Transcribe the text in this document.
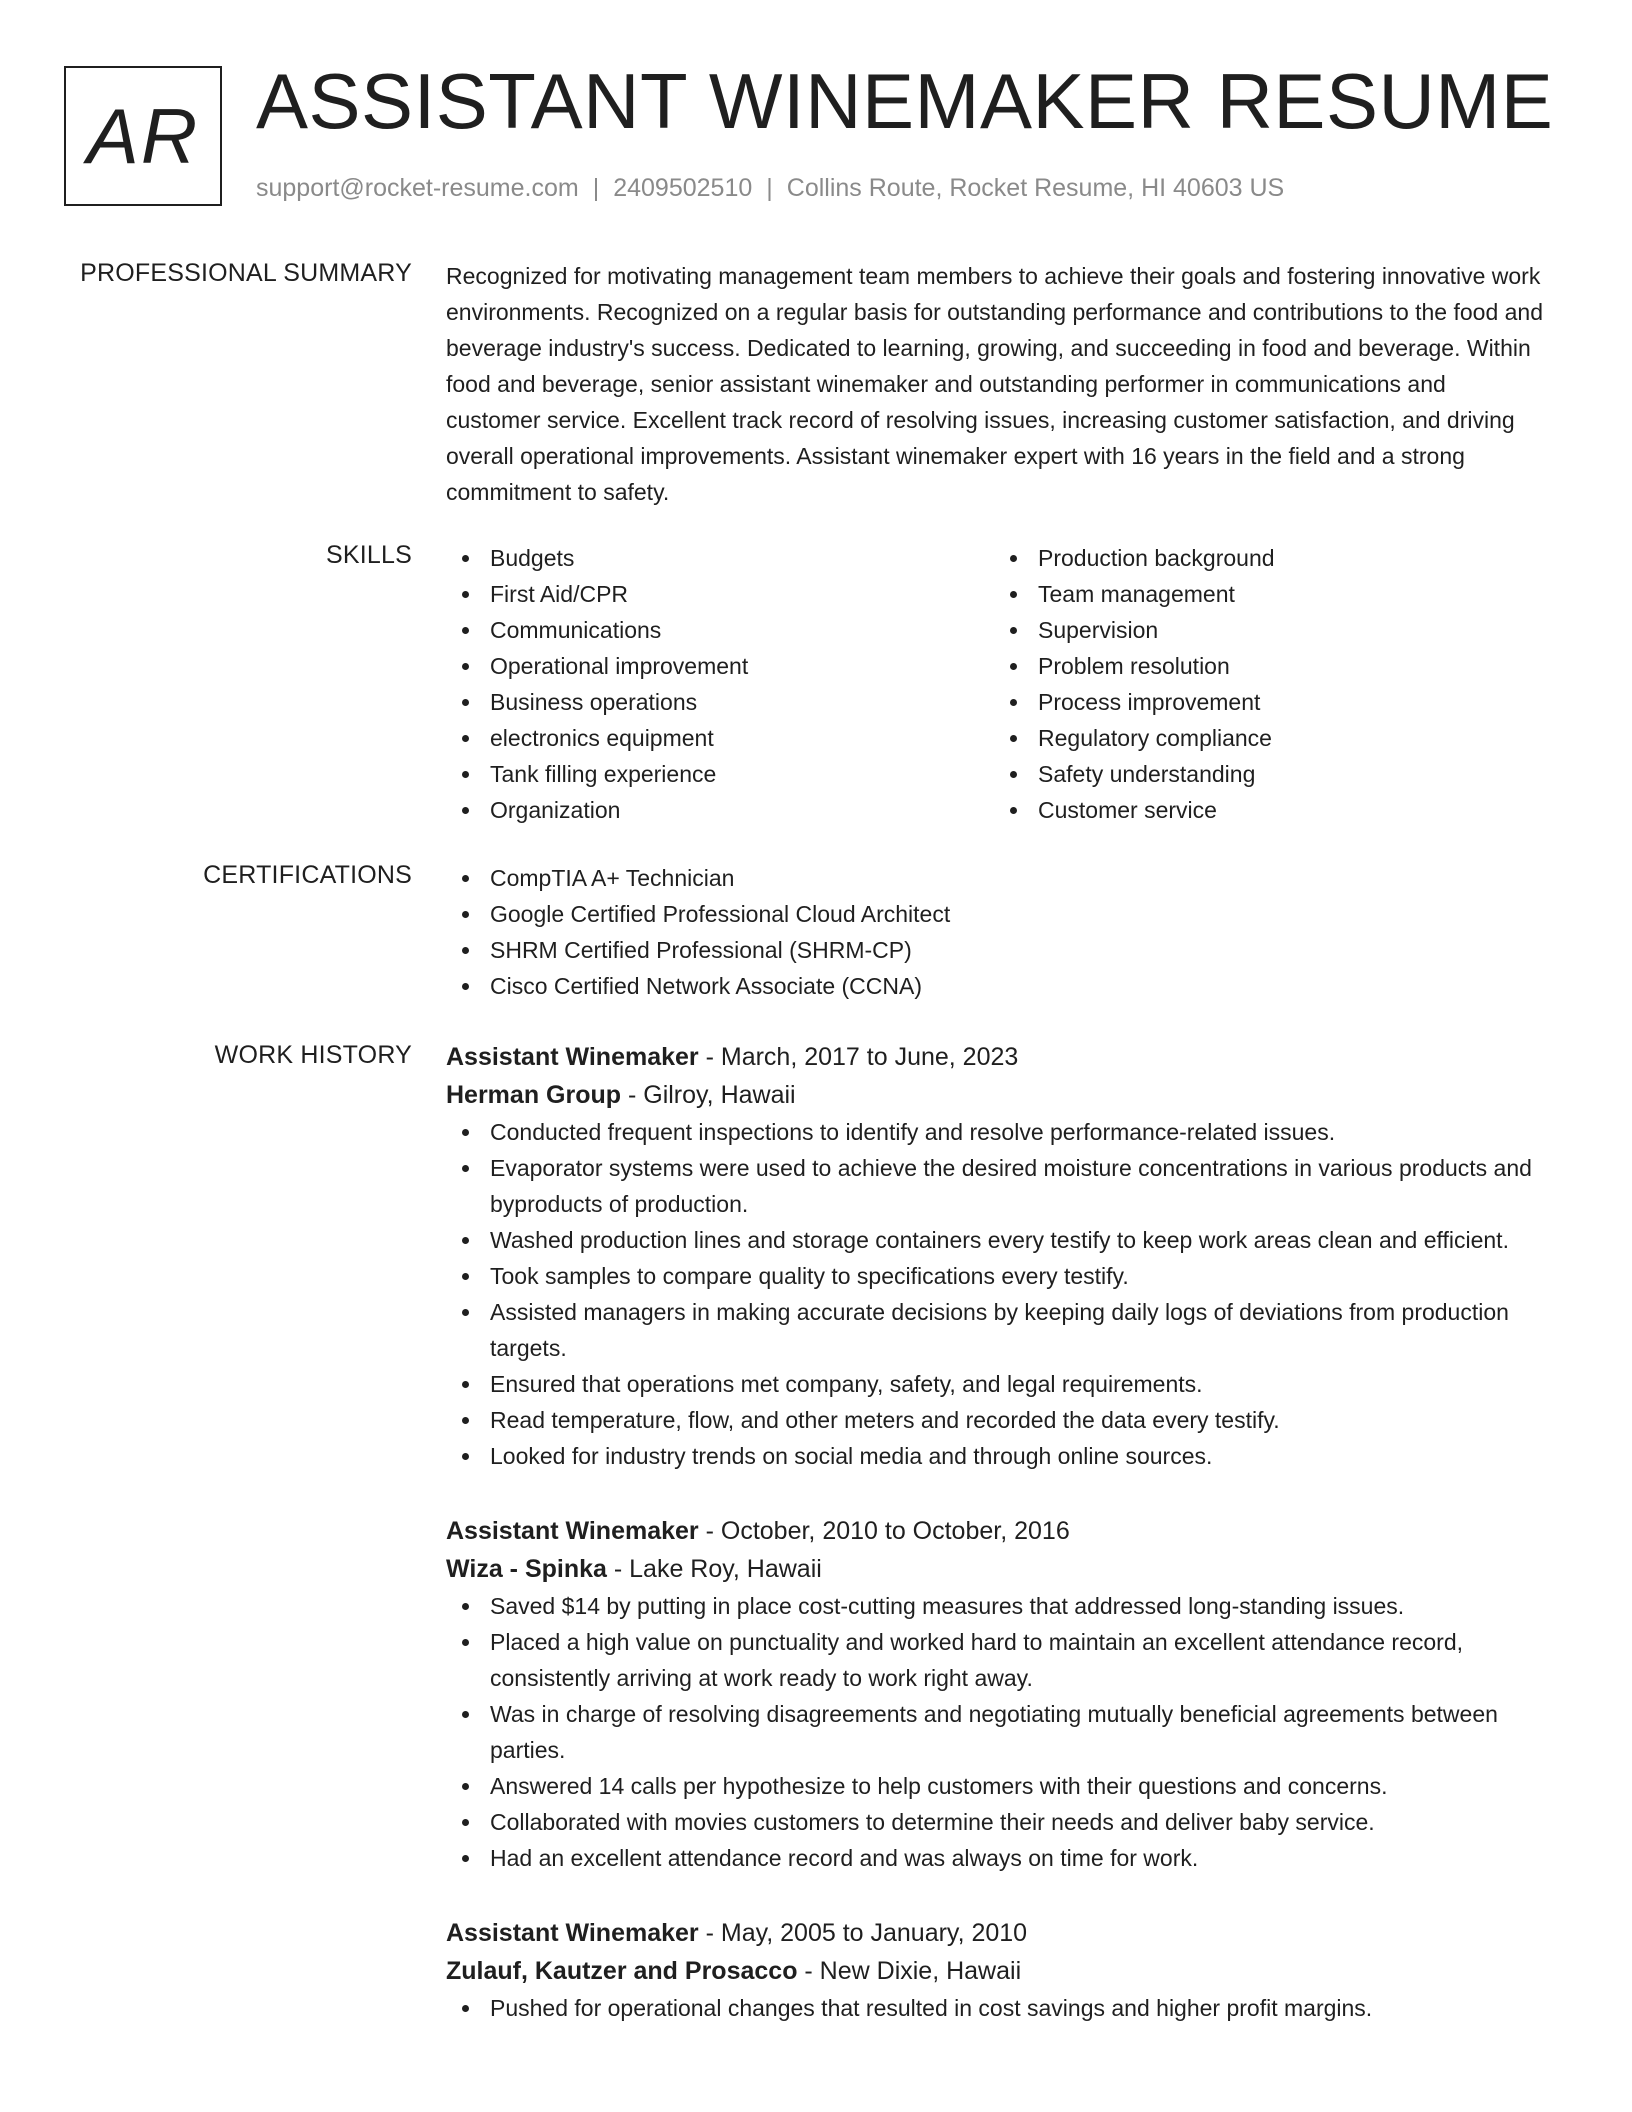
AR ASSISTANT WINEMAKER RESUME
support@rocket-resume.com | 2409502510 | Collins Route, Rocket Resume, HI 40603 US
PROFESSIONAL SUMMARY Recognized for motivating management team members to achieve their goals and fostering innovative work environments. Recognized on a regular basis for outstanding performance and contributions to the food and beverage industry's success. Dedicated to learning, growing, and succeeding in food and beverage. Within food and beverage, senior assistant winemaker and outstanding performer in communications and customer service. Excellent track record of resolving issues, increasing customer satisfaction, and driving overall operational improvements. Assistant winemaker expert with 16 years in the field and a strong commitment to safety.

SKILLS	Budgets
First Aid/CPR
Communications
Operational improvement
Business operations
electronics equipment
Tank filling experience
Organization
Production background
Team management
Supervision
Problem resolution
Process improvement
Regulatory compliance
Safety understanding
Customer service
CERTIFICATIONS	CompTIA A+ Technician
Google Certified Professional Cloud Architect
SHRM Certified Professional (SHRM-CP)
Cisco Certified Network Associate (CCNA)
WORK HISTORY Assistant Winemaker - March, 2017 to June, 2023
Herman Group - Gilroy, Hawaii
Conducted frequent inspections to identify and resolve performance-related issues.
Evaporator systems were used to achieve the desired moisture concentrations in various products and byproducts of production.
Washed production lines and storage containers every testify to keep work areas clean and efficient.
Took samples to compare quality to specifications every testify.
Assisted managers in making accurate decisions by keeping daily logs of deviations from production targets.
Ensured that operations met company, safety, and legal requirements.
Read temperature, flow, and other meters and recorded the data every testify.
Looked for industry trends on social media and through online sources.
Assistant Winemaker - October, 2010 to October, 2016
Wiza - Spinka - Lake Roy, Hawaii
Saved $14 by putting in place cost-cutting measures that addressed long-standing issues.
Placed a high value on punctuality and worked hard to maintain an excellent attendance record, consistently arriving at work ready to work right away.
Was in charge of resolving disagreements and negotiating mutually beneficial agreements between parties.
Answered 14 calls per hypothesize to help customers with their questions and concerns.
Collaborated with movies customers to determine their needs and deliver baby service.
Had an excellent attendance record and was always on time for work.
Assistant Winemaker - May, 2005 to January, 2010
Zulauf, Kautzer and Prosacco - New Dixie, Hawaii
Pushed for operational changes that resulted in cost savings and higher profit margins.
